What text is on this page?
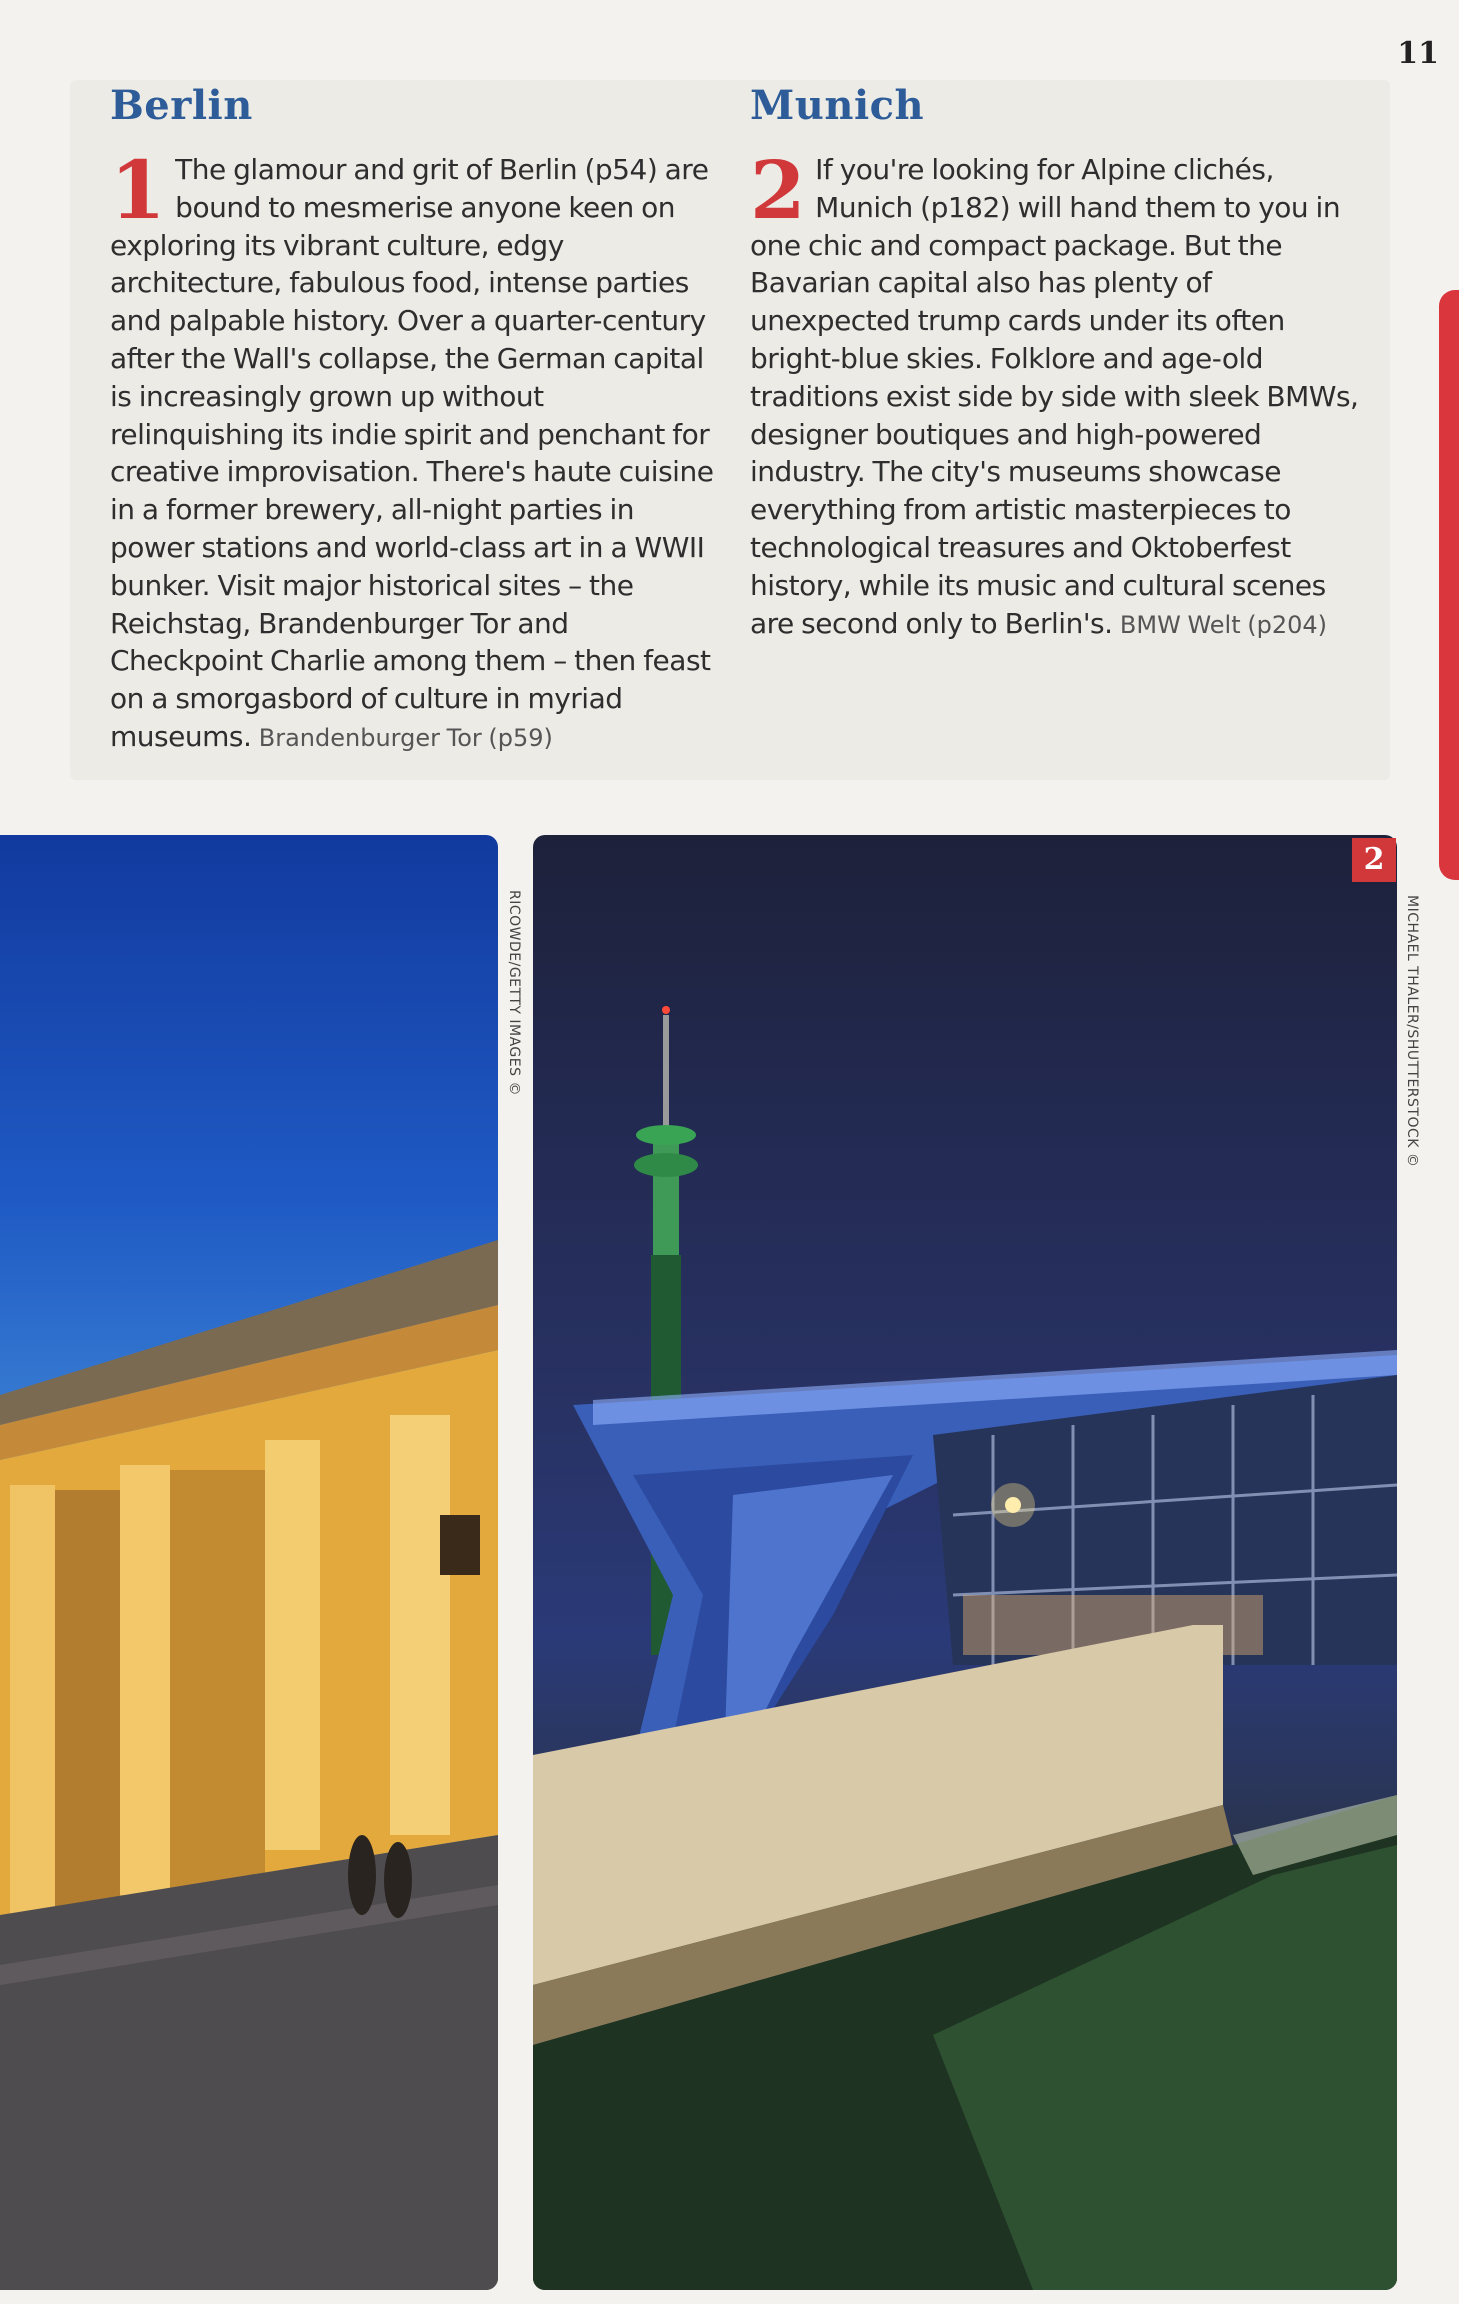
11
Berlin

1 The glamour and grit of Berlin (p54) are bound to mesmerise anyone keen on exploring its vibrant culture, edgy architecture, fabulous food, intense parties and palpable history. Over a quarter-century after the Wall's collapse, the German capital is increasingly grown up without relinquishing its indie spirit and penchant for creative improvisation. There's haute cuisine in a former brewery, all-night parties in power stations and world-class art in a WWII bunker. Visit major historical sites – the Reichstag, Brandenburger Tor and Checkpoint Charlie among them – then feast on a smorgasbord of culture in myriad museums. Brandenburger Tor (p59)

Munich

2 If you're looking for Alpine clichés, Munich (p182) will hand them to you in one chic and compact package. But the Bavarian capital also has plenty of unexpected trump cards under its often bright-blue skies. Folklore and age-old traditions exist side by side with sleek BMWs, designer boutiques and high-powered industry. The city's museums showcase everything from artistic masterpieces to technological treasures and Oktoberfest history, while its music and cultural scenes are second only to Berlin's. BMW Welt (p204)

RICOWDE/GETTY IMAGES ©
2
MICHAEL THALER/SHUTTERSTOCK ©
